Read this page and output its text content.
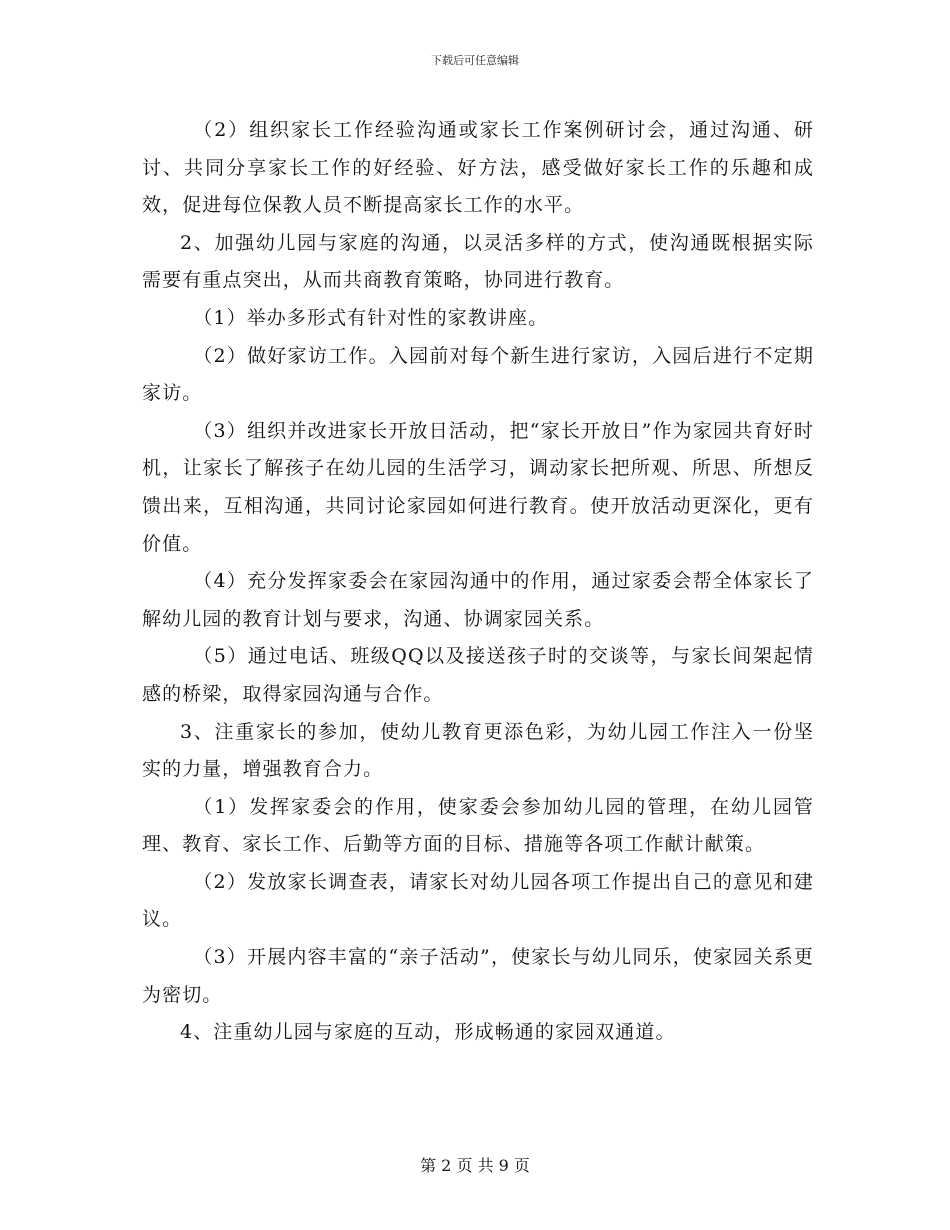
下载后可任意编辑

（2）组织家长工作经验沟通或家长工作案例研讨会，通过沟通、研讨、共同分享家长工作的好经验、好方法，感受做好家长工作的乐趣和成效，促进每位保教人员不断提高家长工作的水平。

2、加强幼儿园与家庭的沟通，以灵活多样的方式，使沟通既根据实际需要有重点突出，从而共商教育策略，协同进行教育。

（1）举办多形式有针对性的家教讲座。

（2）做好家访工作。入园前对每个新生进行家访，入园后进行不定期家访。

（3）组织并改进家长开放日活动，把“家长开放日”作为家园共育好时机，让家长了解孩子在幼儿园的生活学习，调动家长把所观、所思、所想反馈出来，互相沟通，共同讨论家园如何进行教育。使开放活动更深化，更有价值。

（4）充分发挥家委会在家园沟通中的作用，通过家委会帮全体家长了解幼儿园的教育计划与要求，沟通、协调家园关系。

（5）通过电话、班级QQ以及接送孩子时的交谈等，与家长间架起情感的桥梁，取得家园沟通与合作。

3、注重家长的参加，使幼儿教育更添色彩，为幼儿园工作注入一份坚实的力量，增强教育合力。

（1）发挥家委会的作用，使家委会参加幼儿园的管理，在幼儿园管理、教育、家长工作、后勤等方面的目标、措施等各项工作献计献策。

（2）发放家长调查表，请家长对幼儿园各项工作提出自己的意见和建议。

（3）开展内容丰富的“亲子活动”，使家长与幼儿同乐，使家园关系更为密切。

4、注重幼儿园与家庭的互动，形成畅通的家园双通道。

第 2 页 共 9 页
